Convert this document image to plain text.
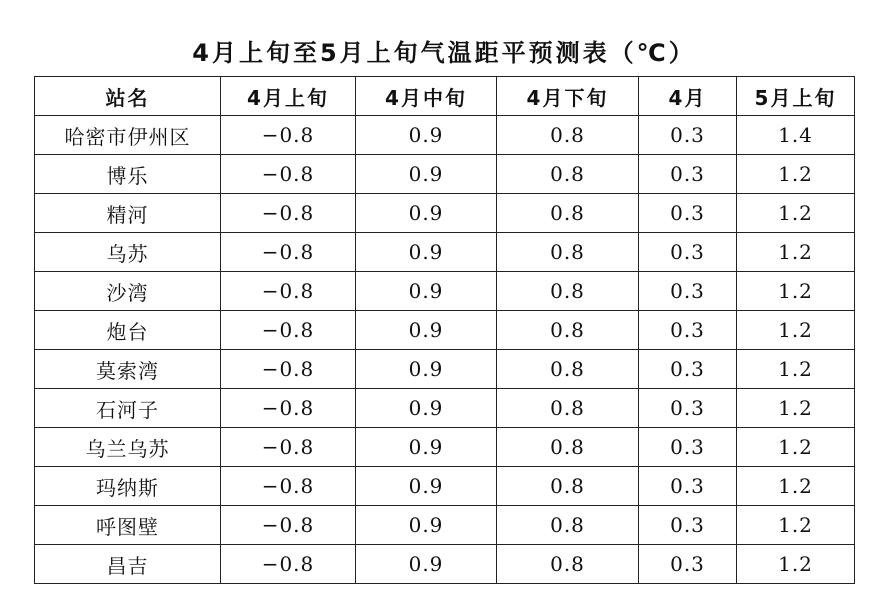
4月上旬至5月上旬气温距平预测表（℃）
站名	4月上旬	4月中旬	4月下旬	4月	5月上旬
哈密市伊州区	−0.8	0.9	0.8	0.3	1.4
博乐	−0.8	0.9	0.8	0.3	1.2
精河	−0.8	0.9	0.8	0.3	1.2
乌苏	−0.8	0.9	0.8	0.3	1.2
沙湾	−0.8	0.9	0.8	0.3	1.2
炮台	−0.8	0.9	0.8	0.3	1.2
莫索湾	−0.8	0.9	0.8	0.3	1.2
石河子	−0.8	0.9	0.8	0.3	1.2
乌兰乌苏	−0.8	0.9	0.8	0.3	1.2
玛纳斯	−0.8	0.9	0.8	0.3	1.2
呼图壁	−0.8	0.9	0.8	0.3	1.2
昌吉	−0.8	0.9	0.8	0.3	1.2
